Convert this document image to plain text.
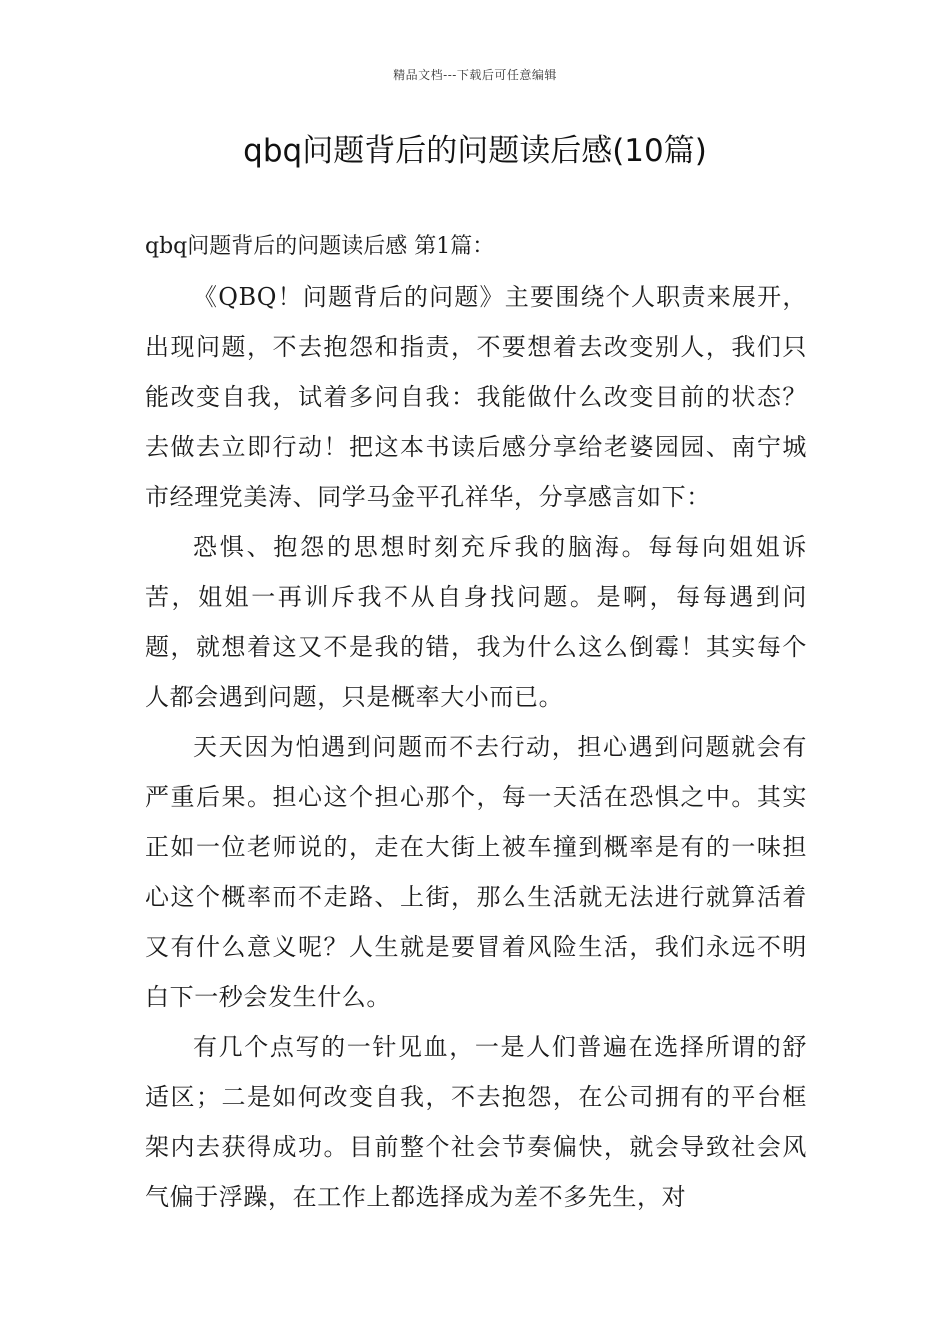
精品文档---下载后可任意编辑
qbq问题背后的问题读后感(10篇)

qbq问题背后的问题读后感 第1篇：

《QBQ！问题背后的问题》主要围绕个人职责来展开，出现问题，不去抱怨和指责，不要想着去改变别人，我们只能改变自我，试着多问自我：我能做什么改变目前的状态？去做去立即行动！把这本书读后感分享给老婆园园、南宁城市经理党美涛、同学马金平孔祥华，分享感言如下：

恐惧、抱怨的思想时刻充斥我的脑海。每每向姐姐诉苦，姐姐一再训斥我不从自身找问题。是啊，每每遇到问题，就想着这又不是我的错，我为什么这么倒霉！其实每个人都会遇到问题，只是概率大小而已。

天天因为怕遇到问题而不去行动，担心遇到问题就会有严重后果。担心这个担心那个，每一天活在恐惧之中。其实正如一位老师说的，走在大街上被车撞到概率是有的一味担心这个概率而不走路、上街，那么生活就无法进行就算活着又有什么意义呢？人生就是要冒着风险生活，我们永远不明白下一秒会发生什么。

有几个点写的一针见血，一是人们普遍在选择所谓的舒适区；二是如何改变自我，不去抱怨，在公司拥有的平台框架内去获得成功。目前整个社会节奏偏快，就会导致社会风气偏于浮躁，在工作上都选择成为差不多先生，对
